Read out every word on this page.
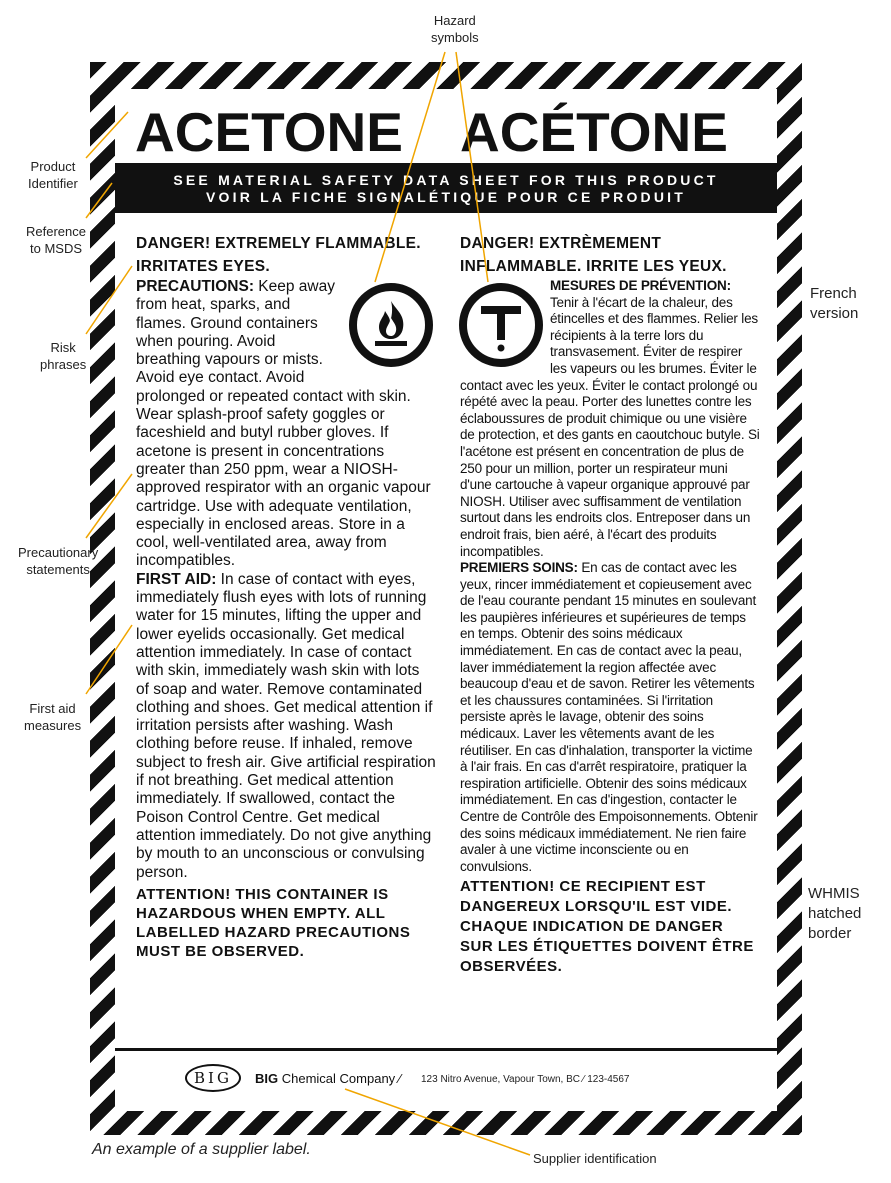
ACETONE ACÉTONE
SEE MATERIAL SAFETY DATA SHEET FOR THIS PRODUCT
VOIR LA FICHE SIGNALÉTIQUE POUR CE PRODUIT
DANGER! EXTREMELY FLAMMABLE. IRRITATES EYES.
PRECAUTIONS: Keep away from heat, sparks, and flames. Ground containers when pouring. Avoid breathing vapours or mists. Avoid eye contact. Avoid prolonged or repeated contact with skin. Wear splash-proof safety goggles or faceshield and butyl rubber gloves. If acetone is present in concentrations greater than 250 ppm, wear a NIOSH-approved respirator with an organic vapour cartridge. Use with adequate ventilation, especially in enclosed areas. Store in a cool, well-ventilated area, away from incompatibles.
FIRST AID: In case of contact with eyes, immediately flush eyes with lots of running water for 15 minutes, lifting the upper and lower eyelids occasionally. Get medical attention immediately. In case of contact with skin, immediately wash skin with lots of soap and water. Remove contaminated clothing and shoes. Get medical attention if irritation persists after washing. Wash clothing before reuse. If inhaled, remove subject to fresh air. Give artificial respiration if not breathing. Get medical attention immediately. If swallowed, contact the Poison Control Centre. Get medical attention immediately. Do not give anything by mouth to an unconscious or convulsing person.
ATTENTION! THIS CONTAINER IS HAZARDOUS WHEN EMPTY. ALL LABELLED HAZARD PRECAUTIONS MUST BE OBSERVED.
DANGER! EXTRÈMEMENT INFLAMMABLE. IRRITE LES YEUX.
MESURES DE PRÉVENTION: Tenir à l'écart de la chaleur, des étincelles et des flammes. Relier les récipients à la terre lors du transvasement. Éviter de respirer les vapeurs ou les brumes. Éviter le contact avec les yeux. Éviter le contact prolongé ou répété avec la peau. Porter des lunettes contre les éclaboussures de produit chimique ou une visière de protection, et des gants en caoutchouc butyle. Si l'acétone est présent en concentration de plus de 250 pour un million, porter un respirateur muni d'une cartouche à vapeur organique approuvé par NIOSH. Utiliser avec suffisamment de ventilation surtout dans les endroits clos. Entreposer dans un endroit frais, bien aéré, à l'écart des produits incompatibles.
PREMIERS SOINS: En cas de contact avec les yeux, rincer immédiatement et copieusement avec de l'eau courante pendant 15 minutes en soulevant les paupières inférieures et supérieures de temps en temps. Obtenir des soins médicaux immédiatement. En cas de contact avec la peau, laver immédiatement la region affectée avec beaucoup d'eau et de savon. Retirer les vêtements et les chaussures contaminées. Si l'irritation persiste après le lavage, obtenir des soins médicaux. Laver les vêtements avant de les réutiliser. En cas d'inhalation, transporter la victime à l'air frais. En cas d'arrêt respiratoire, pratiquer la respiration artificielle. Obtenir des soins médicaux immédiatement. En cas d'ingestion, contacter le Centre de Contrôle des Empoisonnements. Obtenir des soins médicaux immédiatement. Ne rien faire avaler à une victime inconsciente ou en convulsions.
ATTENTION! CE RECIPIENT EST DANGEREUX LORSQU'IL EST VIDE. CHAQUE INDICATION DE DANGER SUR LES ÉTIQUETTES DOIVENT ÊTRE OBSERVÉES.
BIG	BIG Chemical Company ⁄ 123 Nitro Avenue, Vapour Town, BC ⁄ 123-4567
Hazard
symbols
Product
Identifier
Reference
to MSDS
Risk
phrases
Precautionary
statements
First aid
measures
French
version
WHMIS
hatched
border
Supplier identification
An example of a supplier label.
